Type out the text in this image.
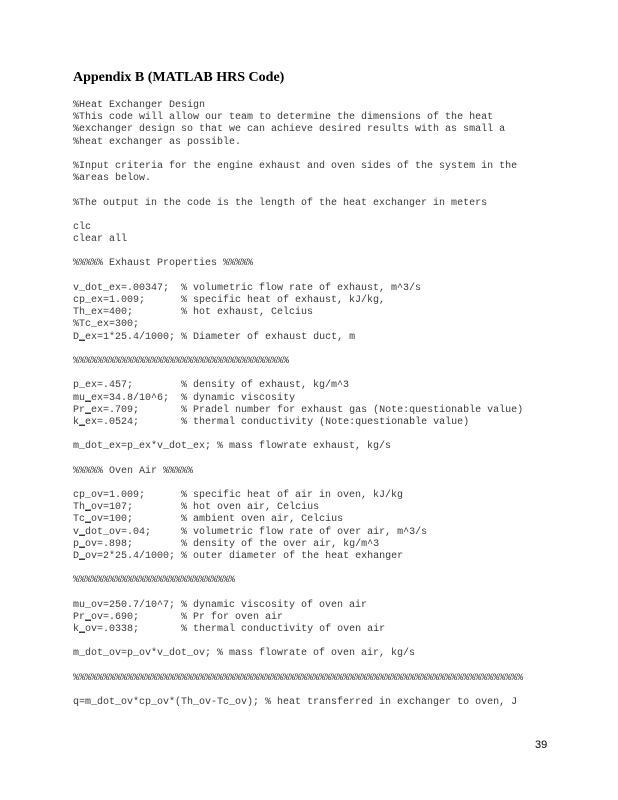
Appendix B (MATLAB HRS Code)
%Heat Exchanger Design
%This code will allow our team to determine the dimensions of the heat
%exchanger design so that we can achieve desired results with as small a
%heat exchanger as possible.
%Input criteria for the engine exhaust and oven sides of the system in the
%areas below.
%The output in the code is the length of the heat exchanger in meters
clc
clear all
%%%%% Exhaust Properties %%%%%
v_dot_ex=.00347;  % volumetric flow rate of exhaust, m^3/s
cp_ex=1.009;      % specific heat of exhaust, kJ/kg,
Th_ex=400;        % hot exhaust, Celcius
%Tc_ex=300;
D_ex=1*25.4/1000; % Diameter of exhaust duct, m
%%%%%%%%%%%%%%%%%%%%%%%%%%%%%%%%%%%%
p_ex=.457;        % density of exhaust, kg/m^3
mu_ex=34.8/10^6;  % dynamic viscosity
Pr_ex=.709;       % Pradel number for exhaust gas (Note:questionable value)
k_ex=.0524;       % thermal conductivity (Note:questionable value)
m_dot_ex=p_ex*v_dot_ex; % mass flowrate exhaust, kg/s
%%%%% Oven Air %%%%%
cp_ov=1.009;      % specific heat of air in oven, kJ/kg
Th_ov=107;        % hot oven air, Celcius
Tc_ov=100;        % ambient oven air, Celcius
v_dot_ov=.04;     % volumetric flow rate of over air, m^3/s
p_ov=.898;        % density of the over air, kg/m^3
D_ov=2*25.4/1000; % outer diameter of the heat exhanger
%%%%%%%%%%%%%%%%%%%%%%%%%%%
mu_ov=250.7/10^7; % dynamic viscosity of oven air
Pr_ov=.690;       % Pr for oven air
k_ov=.0338;       % thermal conductivity of oven air
m_dot_ov=p_ov*v_dot_ov; % mass flowrate of oven air, kg/s
%%%%%%%%%%%%%%%%%%%%%%%%%%%%%%%%%%%%%%%%%%%%%%%%%%%%%%%%%%%%%%%%%%%%%%%%%%%
q=m_dot_ov*cp_ov*(Th_ov-Tc_ov); % heat transferred in exchanger to oven, J
39
